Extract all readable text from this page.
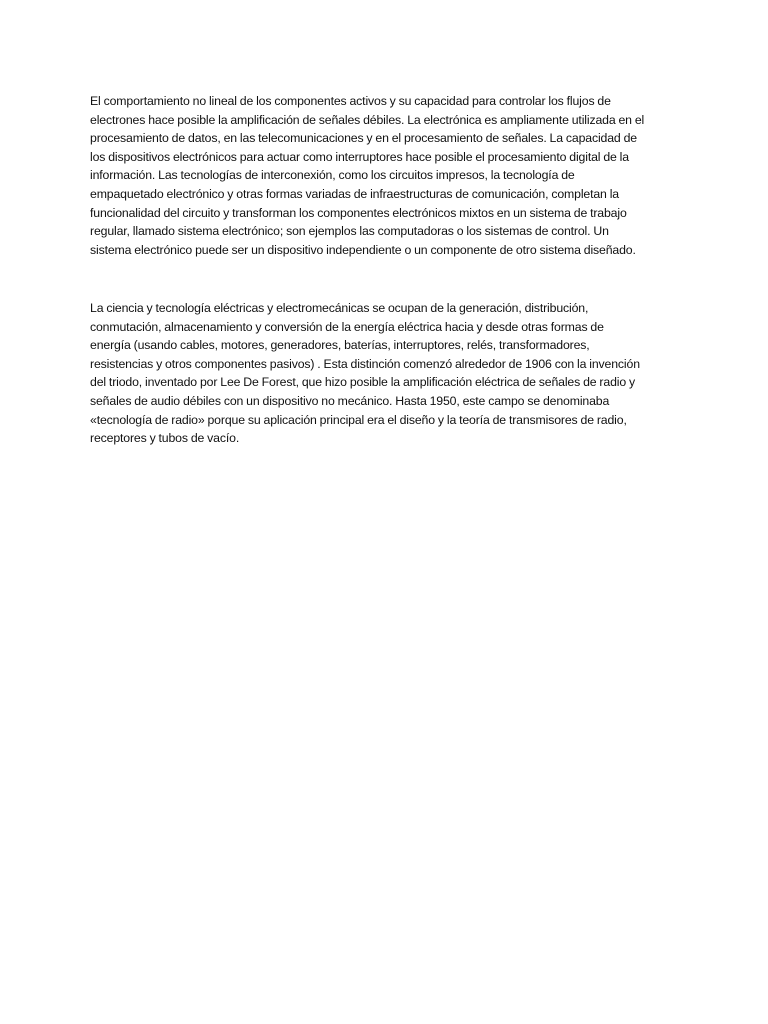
El comportamiento no lineal de los componentes activos y su capacidad para controlar los flujos de
electrones hace posible la amplificación de señales débiles. La electrónica es ampliamente utilizada en el
procesamiento de datos, en las telecomunicaciones y en el procesamiento de señales. La capacidad de
los dispositivos electrónicos para actuar como interruptores hace posible el procesamiento digital de la
información. Las tecnologías de interconexión, como los circuitos impresos, la tecnología de
empaquetado electrónico y otras formas variadas de infraestructuras de comunicación, completan la
funcionalidad del circuito y transforman los componentes electrónicos mixtos en un sistema de trabajo
regular, llamado sistema electrónico; son ejemplos las computadoras o los sistemas de control. Un
sistema electrónico puede ser un dispositivo independiente o un componente de otro sistema diseñado.
La ciencia y tecnología eléctricas y electromecánicas se ocupan de la generación, distribución,
conmutación, almacenamiento y conversión de la energía eléctrica hacia y desde otras formas de
energía (usando cables, motores, generadores, baterías, interruptores, relés, transformadores,
resistencias y otros componentes pasivos) . Esta distinción comenzó alrededor de 1906 con la invención
del triodo, inventado por Lee De Forest, que hizo posible la amplificación eléctrica de señales de radio y
señales de audio débiles con un dispositivo no mecánico. Hasta 1950, este campo se denominaba
«tecnología de radio» porque su aplicación principal era el diseño y la teoría de transmisores de radio,
receptores y tubos de vacío.
